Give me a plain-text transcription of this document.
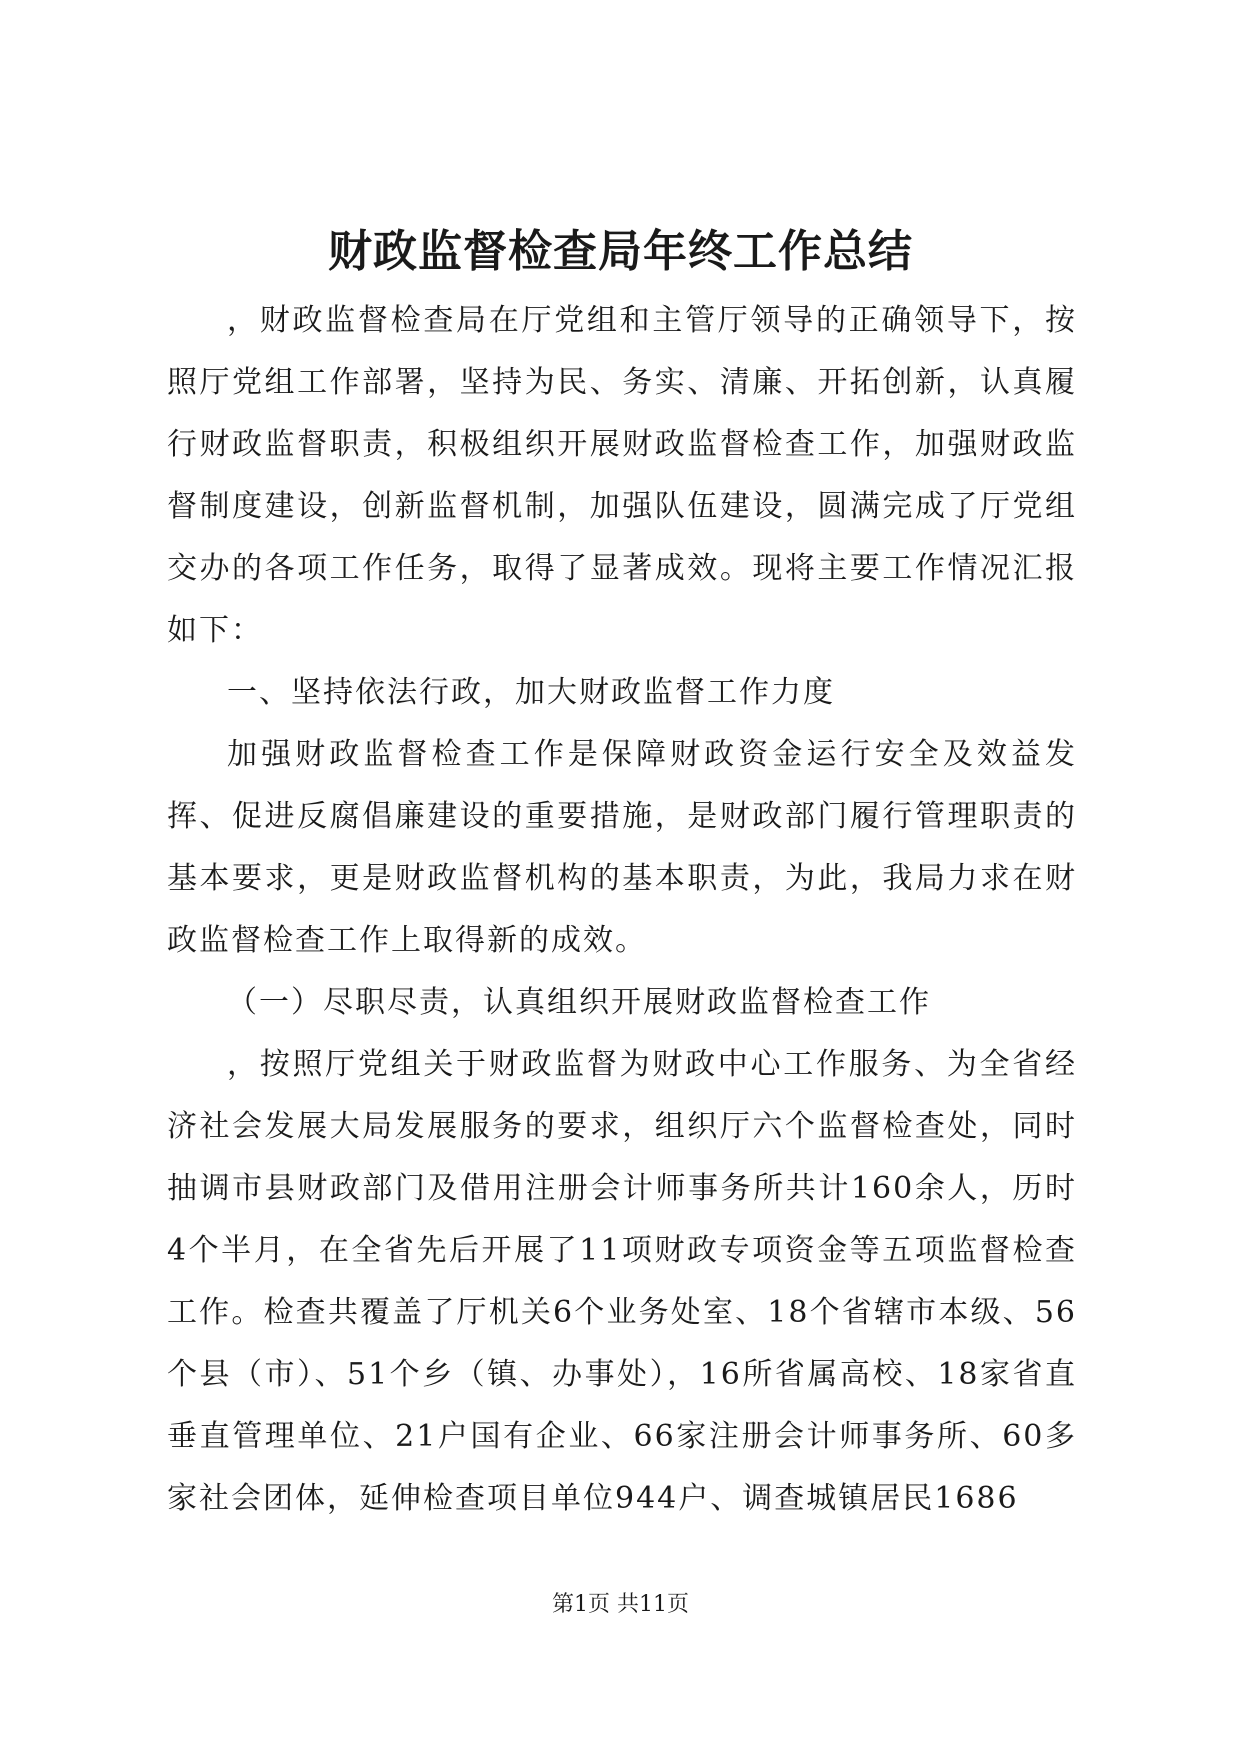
财政监督检查局年终工作总结

，财政监督检查局在厅党组和主管厅领导的正确领导下，按照厅党组工作部署，坚持为民、务实、清廉、开拓创新，认真履行财政监督职责，积极组织开展财政监督检查工作，加强财政监督制度建设，创新监督机制，加强队伍建设，圆满完成了厅党组交办的各项工作任务，取得了显著成效。现将主要工作情况汇报如下：

一、坚持依法行政，加大财政监督工作力度

加强财政监督检查工作是保障财政资金运行安全及效益发挥、促进反腐倡廉建设的重要措施，是财政部门履行管理职责的基本要求，更是财政监督机构的基本职责，为此，我局力求在财政监督检查工作上取得新的成效。

（一）尽职尽责，认真组织开展财政监督检查工作

，按照厅党组关于财政监督为财政中心工作服务、为全省经济社会发展大局发展服务的要求，组织厅六个监督检查处，同时抽调市县财政部门及借用注册会计师事务所共计160余人，历时4个半月，在全省先后开展了11项财政专项资金等五项监督检查工作。检查共覆盖了厅机关6个业务处室、18个省辖市本级、56个县（市）、51个乡（镇、办事处），16所省属高校、18家省直垂直管理单位、21户国有企业、66家注册会计师事务所、60多家社会团体，延伸检查项目单位944户、调查城镇居民1686

第1页 共11页
